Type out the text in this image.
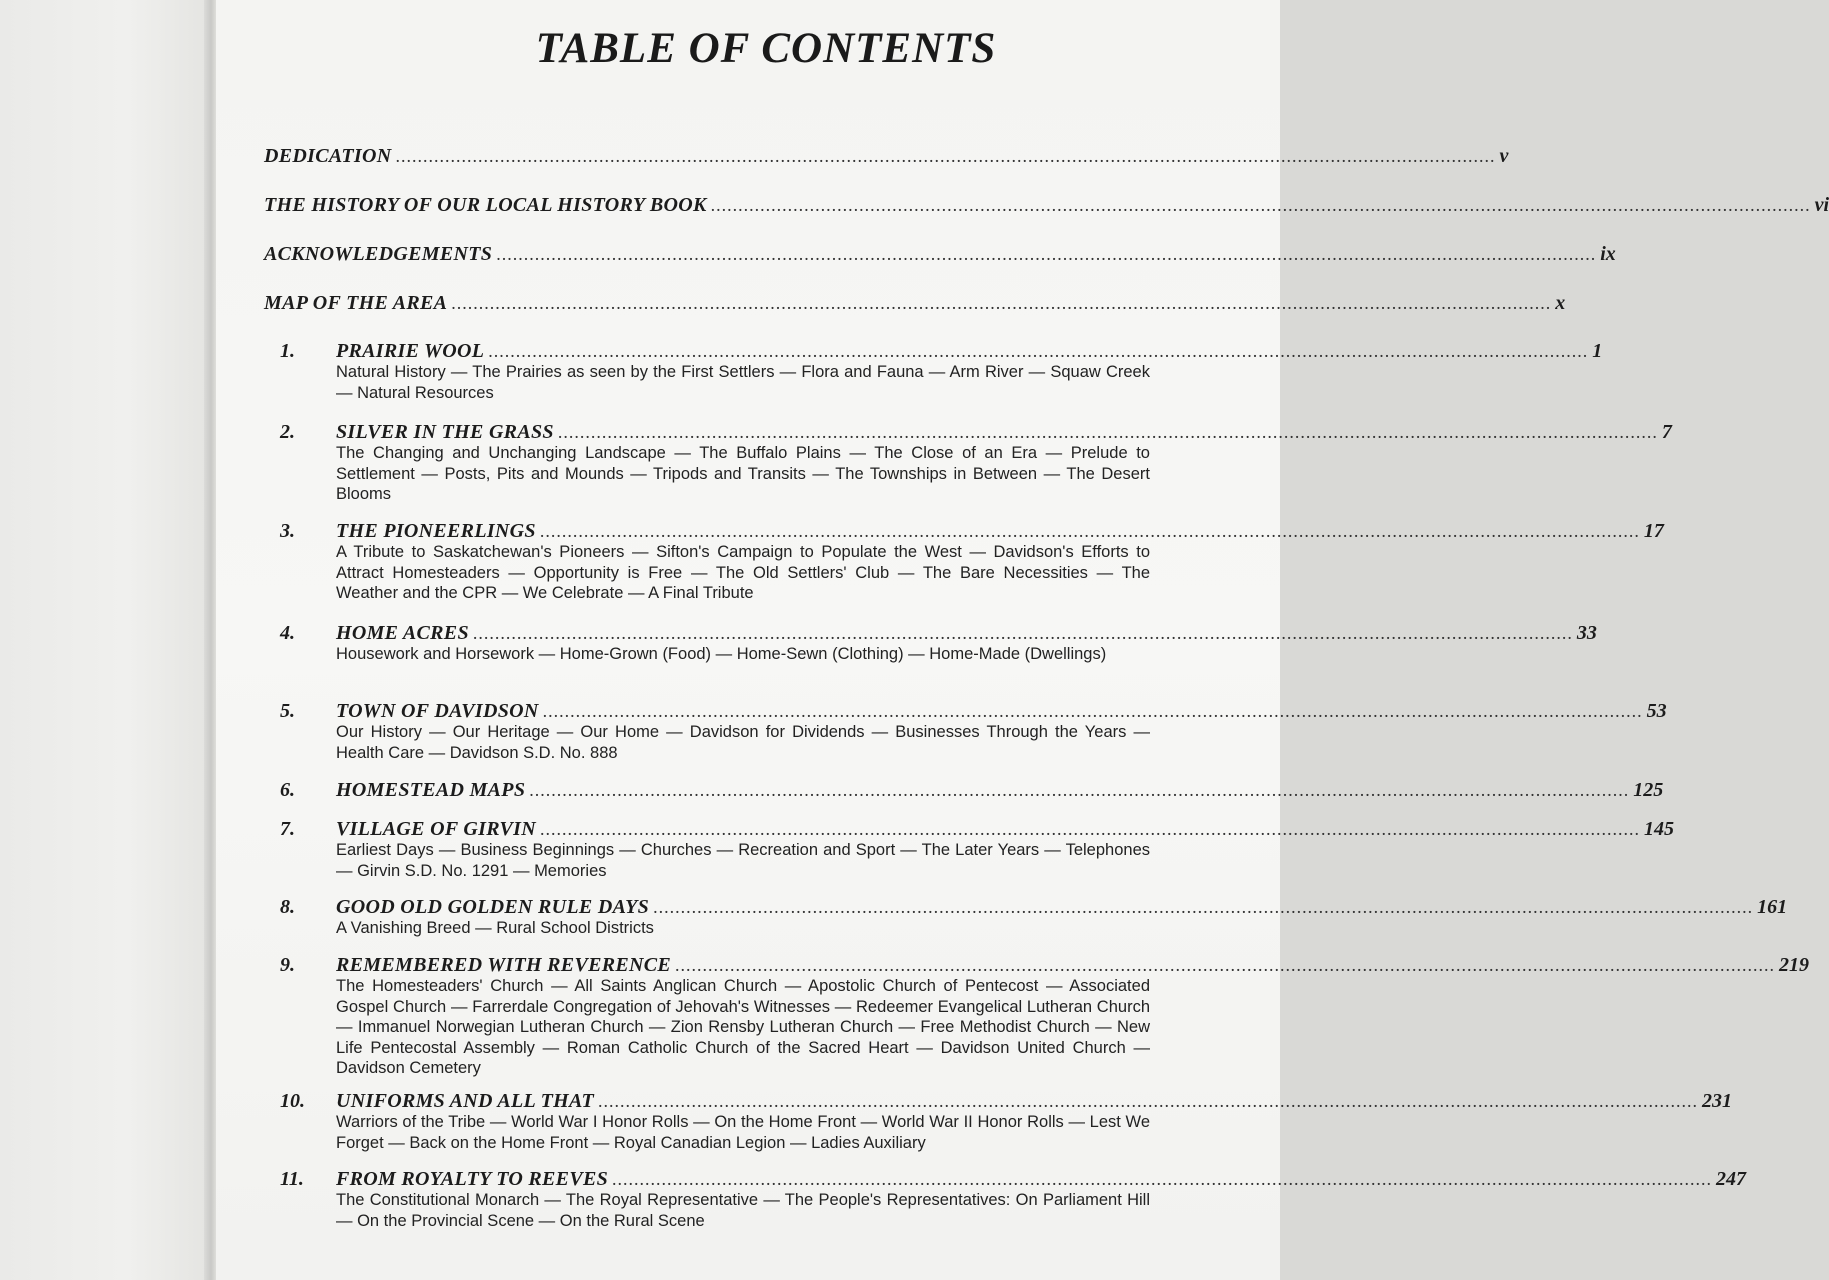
TABLE OF CONTENTS
DEDICATION ........................................................................................................................................................................................................ v
THE HISTORY OF OUR LOCAL HISTORY BOOK ........................................................................................................................................................................................................ vi
ACKNOWLEDGEMENTS ........................................................................................................................................................................................................ ix
MAP OF THE AREA ........................................................................................................................................................................................................ x
1.	PRAIRIE WOOL ........................................................................................................................................................................................................ 1
Natural History — The Prairies as seen by the First Settlers — Flora and Fauna — Arm River — Squaw Creek — Natural Resources
2.	SILVER IN THE GRASS ........................................................................................................................................................................................................ 7
The Changing and Unchanging Landscape — The Buffalo Plains — The Close of an Era — Prelude to Settlement — Posts, Pits and Mounds — Tripods and Transits — The Townships in Between — The Desert Blooms
3.	THE PIONEERLINGS ........................................................................................................................................................................................................ 17
A Tribute to Saskatchewan's Pioneers — Sifton's Campaign to Populate the West — Davidson's Efforts to Attract Homesteaders — Opportunity is Free — The Old Settlers' Club — The Bare Necessities — The Weather and the CPR — We Celebrate — A Final Tribute
4.	HOME ACRES ........................................................................................................................................................................................................ 33
Housework and Horsework — Home-Grown (Food) — Home-Sewn (Clothing) — Home-Made (Dwellings)
5.	TOWN OF DAVIDSON ........................................................................................................................................................................................................ 53
Our History — Our Heritage — Our Home — Davidson for Dividends — Businesses Through the Years — Health Care — Davidson S.D. No. 888
6.	HOMESTEAD MAPS ........................................................................................................................................................................................................ 125
7.	VILLAGE OF GIRVIN ........................................................................................................................................................................................................ 145
Earliest Days — Business Beginnings — Churches — Recreation and Sport — The Later Years — Telephones — Girvin S.D. No. 1291 — Memories
8.	GOOD OLD GOLDEN RULE DAYS ........................................................................................................................................................................................................ 161
A Vanishing Breed — Rural School Districts
9.	REMEMBERED WITH REVERENCE ........................................................................................................................................................................................................ 219
The Homesteaders' Church — All Saints Anglican Church — Apostolic Church of Pentecost — Associated Gospel Church — Farrerdale Congregation of Jehovah's Witnesses — Redeemer Evangelical Lutheran Church — Immanuel Norwegian Lutheran Church — Zion Rensby Lutheran Church — Free Methodist Church — New Life Pentecostal Assembly — Roman Catholic Church of the Sacred Heart — Davidson United Church — Davidson Cemetery
10.	UNIFORMS AND ALL THAT ........................................................................................................................................................................................................ 231
Warriors of the Tribe — World War I Honor Rolls — On the Home Front — World War II Honor Rolls — Lest We Forget — Back on the Home Front — Royal Canadian Legion — Ladies Auxiliary
11.	FROM ROYALTY TO REEVES ........................................................................................................................................................................................................ 247
The Constitutional Monarch — The Royal Representative — The People's Representatives: On Parliament Hill — On the Provincial Scene — On the Rural Scene
